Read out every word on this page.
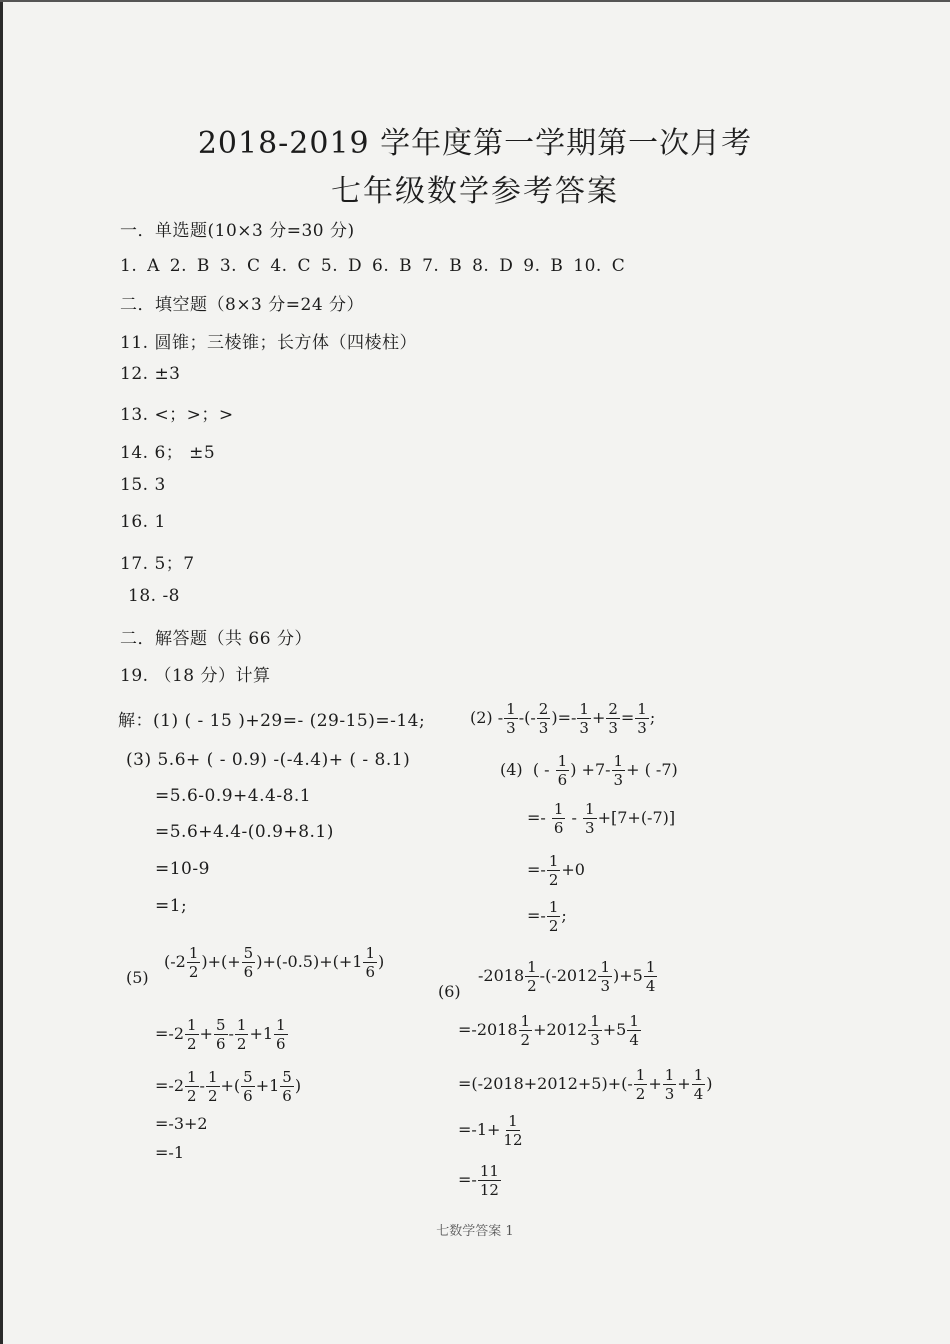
2018-2019 学年度第一学期第一次月考
七年级数学参考答案
一．单选题(10×3 分=30 分)
1. A 2. B 3. C 4. C 5. D 6. B 7. B 8. D 9. B 10. C
二．填空题（8×3 分=24 分）
11. 圆锥；三棱锥；长方体（四棱柱）
12. ±3
13. <；>；>
14. 6； ±5
15. 3
16. 1
17. 5；7
18. -8
二．解答题（共 66 分）
19. （18 分）计算
解：(1) ( - 15 )+29=- (29-15)=-14;	$(2) - \frac{1}{3}$ -(- $\frac{2}{3}$ )=- $\frac{1}{3} + \frac{2}{3} = \frac{1}{3}$ ;
(3) 5.6+ ( - 0.9) -(-4.4)+ ( - 8.1)
=5.6-0.9+4.4-8.1
=5.6+4.4-(0.9+8.1)
=10-9
=1;
(4)  ( - $\frac{1}{6}$ ) $+7- \frac{1}{3}$ + ( -7)
=- $\frac{1}{6} - \frac{1}{3} +[7+(-7)]$
=- $\frac{1}{2} +0$
=- $\frac{1}{2}$ ;
(5)
($-2 \frac{1}{2}$ )+(+ $\frac{5}{6} )+(-0.5)+(+1 \frac{1}{6}$ )
$=-2 \frac{1}{2} + \frac{5}{6} - \frac{1}{2} +1 \frac{1}{6}$
$=-2 \frac{1}{2} - \frac{1}{2}$ +( $\frac{5}{6} +1 \frac{5}{6}$ )
=-3+2
=-1
(6)
$-2018 \frac{1}{2} -(-2012 \frac{1}{3} )+5 \frac{1}{4}$
$=-2018 \frac{1}{2} +2012 \frac{1}{3} +5 \frac{1}{4}$
$=(-2018+2012+5)+(- \frac{1}{2} + \frac{1}{3} + \frac{1}{4}$ )
$=-1+ \frac{1}{12}$
=- $\frac{11}{12}$
七数学答案 1
